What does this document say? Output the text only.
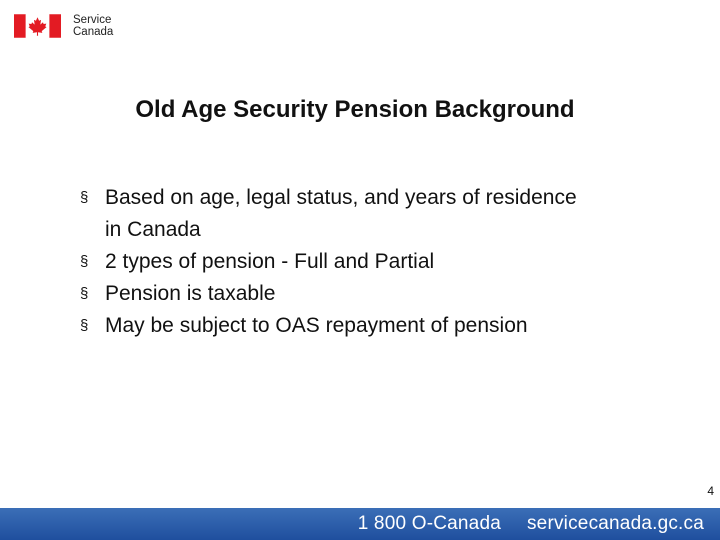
Service
Canada
Old Age Security Pension Background
§ Based on age, legal status, and years of residence
in Canada
§ 2 types of pension - Full and Partial
§ Pension is taxable
§ May be subject to OAS repayment of pension
4
1 800 O-Canada servicecanada.gc.ca
